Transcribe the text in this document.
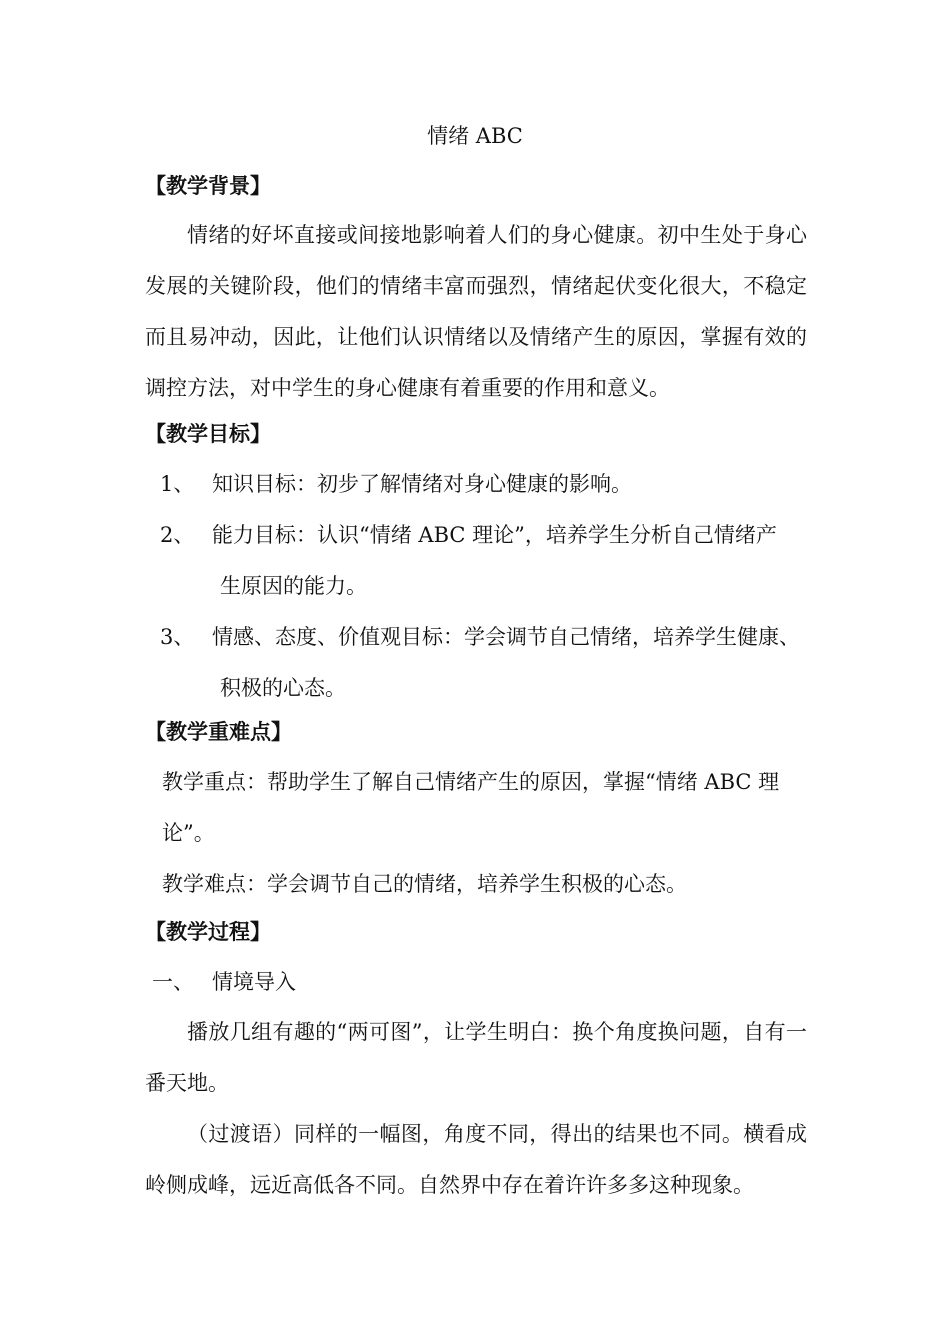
情绪 ABC
【教学背景】
情绪的好坏直接或间接地影响着人们的身心健康。初中生处于身心发展的关键阶段，他们的情绪丰富而强烈，情绪起伏变化很大，不稳定而且易冲动，因此，让他们认识情绪以及情绪产生的原因，掌握有效的调控方法，对中学生的身心健康有着重要的作用和意义。
【教学目标】
1、 知识目标：初步了解情绪对身心健康的影响。
2、 能力目标：认识“情绪 ABC 理论”，培养学生分析自己情绪产
生原因的能力。
3、 情感、态度、价值观目标：学会调节自己情绪，培养学生健康、
积极的心态。
【教学重难点】
教学重点：帮助学生了解自己情绪产生的原因，掌握“情绪 ABC 理
论”。
教学难点：学会调节自己的情绪，培养学生积极的心态。
【教学过程】
一、 情境导入
播放几组有趣的“两可图”，让学生明白：换个角度换问题，自有一番天地。
（过渡语）同样的一幅图，角度不同，得出的结果也不同。横看成岭侧成峰，远近高低各不同。自然界中存在着许许多多这种现象。
